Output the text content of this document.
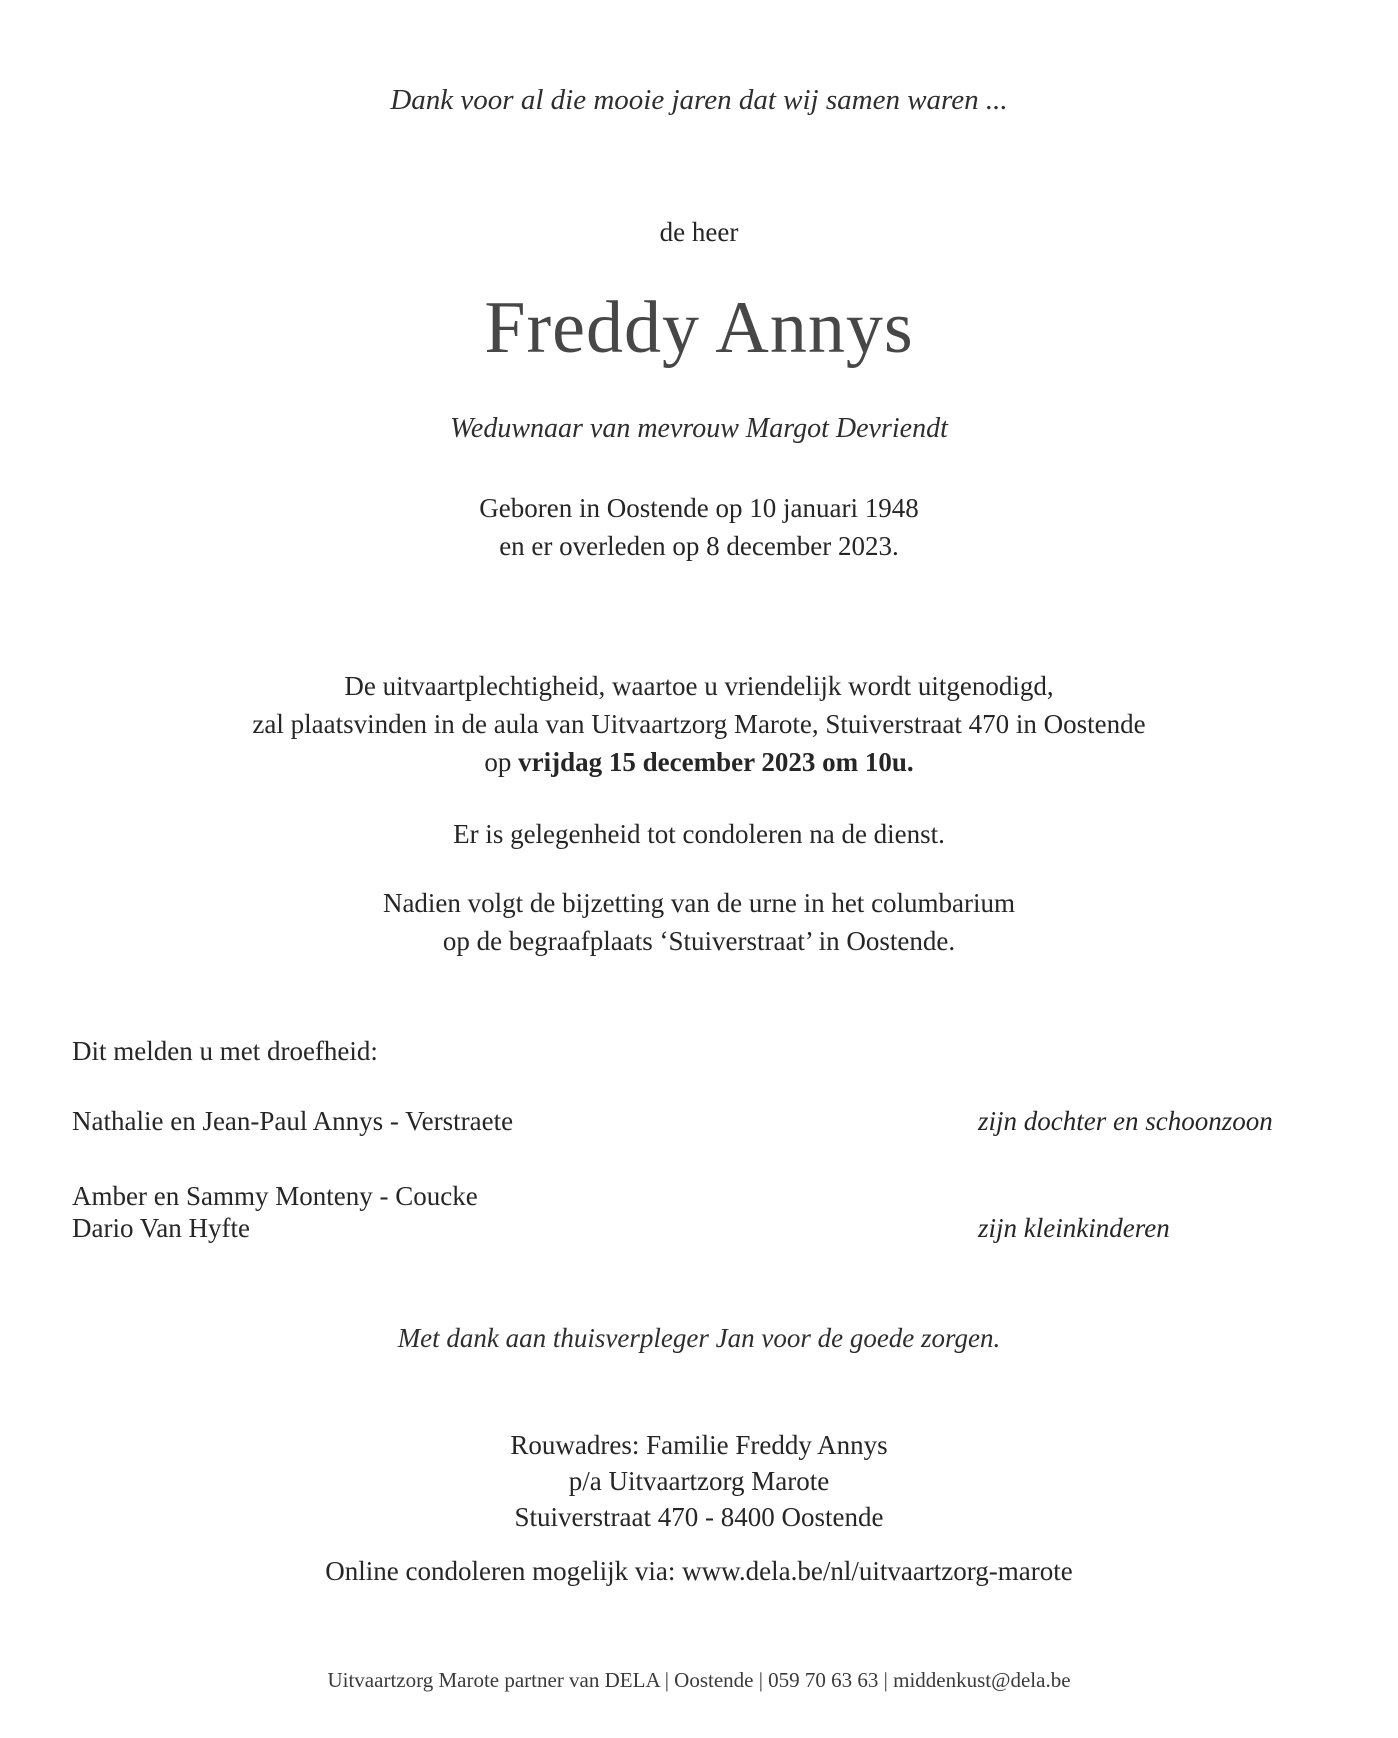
Dank voor al die mooie jaren dat wij samen waren ...
de heer
Freddy Annys
Weduwnaar van mevrouw Margot Devriendt
Geboren in Oostende op 10 januari 1948
en er overleden op 8 december 2023.
De uitvaartplechtigheid, waartoe u vriendelijk wordt uitgenodigd,
zal plaatsvinden in de aula van Uitvaartzorg Marote, Stuiverstraat 470 in Oostende
op vrijdag 15 december 2023 om 10u.
Er is gelegenheid tot condoleren na de dienst.
Nadien volgt de bijzetting van de urne in het columbarium
op de begraafplaats ‘Stuiverstraat’ in Oostende.
Dit melden u met droefheid:
Nathalie en Jean-Paul Annys - Verstraete	zijn dochter en schoonzoon
Amber en Sammy Monteny - Coucke
Dario Van Hyfte	zijn kleinkinderen
Met dank aan thuisverpleger Jan voor de goede zorgen.
Rouwadres: Familie Freddy Annys
p/a Uitvaartzorg Marote
Stuiverstraat 470 - 8400 Oostende
Online condoleren mogelijk via: www.dela.be/nl/uitvaartzorg-marote
Uitvaartzorg Marote partner van DELA | Oostende | 059 70 63 63 | middenkust@dela.be
